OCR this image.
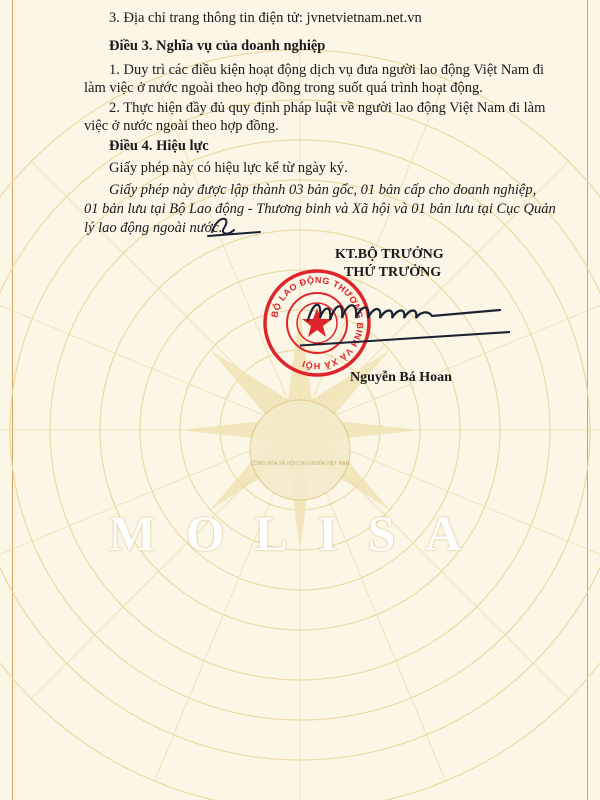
CỘNG HÒA XÃ HỘI CHỦ NGHĨA VIỆT NAM
MOLISA
3. Địa chỉ trang thông tin điện tử: jvnetvietnam.net.vn
Điều 3. Nghĩa vụ của doanh nghiệp
1. Duy trì các điều kiện hoạt động dịch vụ đưa người lao động Việt Nam đi
làm việc ở nước ngoài theo hợp đồng trong suốt quá trình hoạt động.
2. Thực hiện đầy đủ quy định pháp luật về người lao động Việt Nam đi làm
việc ở nước ngoài theo hợp đồng.
Điều 4. Hiệu lực
Giấy phép này có hiệu lực kể từ ngày ký.
Giấy phép này được lập thành 03 bản gốc, 01 bản cấp cho doanh nghiệp,
01 bản lưu tại Bộ Lao động - Thương binh và Xã hội và 01 bản lưu tại Cục Quản
lý lao động ngoài nước.
KT.BỘ TRƯỞNG
THỨ TRƯỞNG
BỘ LAO ĐỘNG THƯƠNG BINH VÀ XÃ HỘI
Nguyễn Bá Hoan
